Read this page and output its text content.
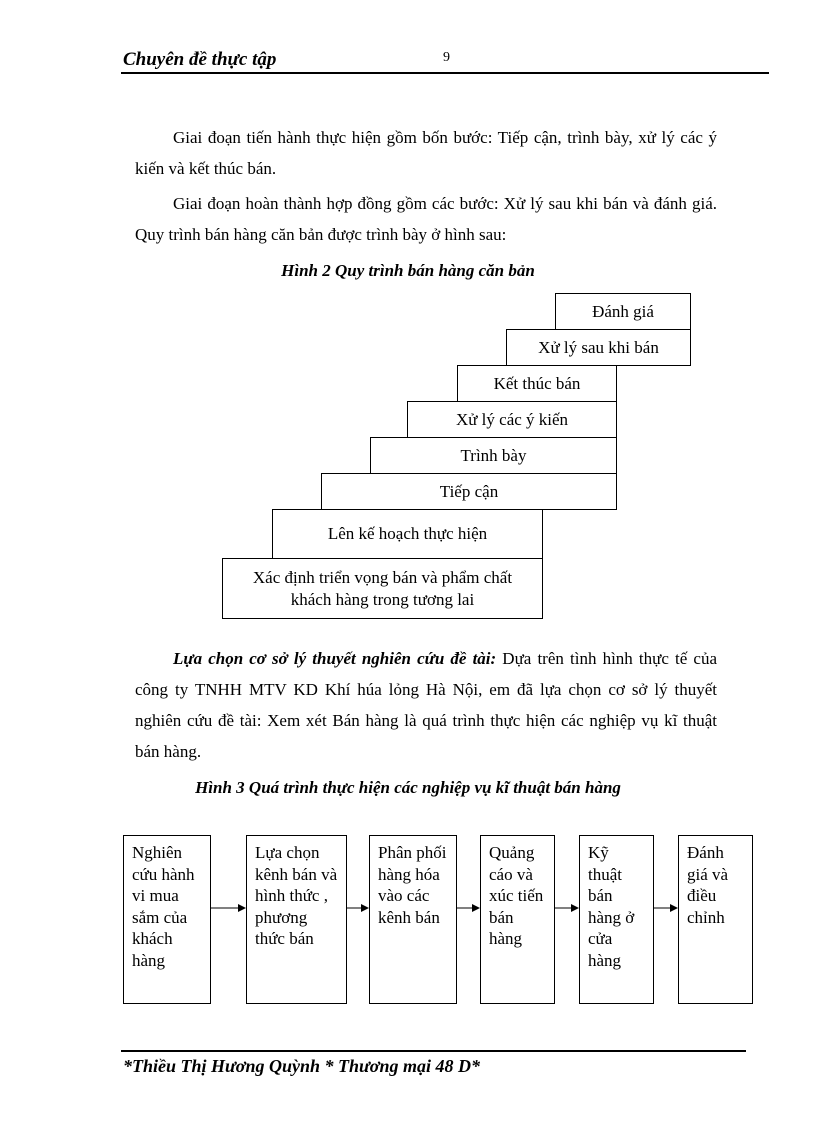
Chuyên đề thực tập	9
Giai đoạn tiến hành thực hiện gồm bốn bước: Tiếp cận, trình bày, xử lý các ý kiến và kết thúc bán.
Giai đoạn hoàn thành hợp đồng gồm các bước: Xử lý sau khi bán và đánh giá. Quy trình bán hàng căn bản được trình bày ở hình sau:
Hình 2 Quy trình bán hàng căn bản
Đánh giá
Xử lý sau khi bán
Kết thúc bán
Xử lý các ý kiến
Trình bày
Tiếp cận
Lên kế hoạch thực hiện
Xác định triển vọng bán và phẩm chất khách hàng trong tương lai
Lựa chọn cơ sở lý thuyết nghiên cứu đề tài: Dựa trên tình hình thực tế của công ty TNHH MTV KD Khí húa lỏng Hà Nội, em đã lựa chọn cơ sở lý thuyết nghiên cứu đề tài: Xem xét Bán hàng là quá trình thực hiện các nghiệp vụ kĩ thuật bán hàng.
Hình 3 Quá trình thực hiện các nghiệp vụ kĩ thuật bán hàng
Nghiên cứu hành vi mua sắm của khách hàng
Lựa chọn kênh bán và hình thức , phương thức bán
Phân phối hàng hóa vào các kênh bán
Quảng cáo và xúc tiến bán hàng
Kỹ thuật bán hàng ở cửa hàng
Đánh giá và điều chỉnh
*Thiều Thị Hương Quỳnh * Thương mại 48 D*
